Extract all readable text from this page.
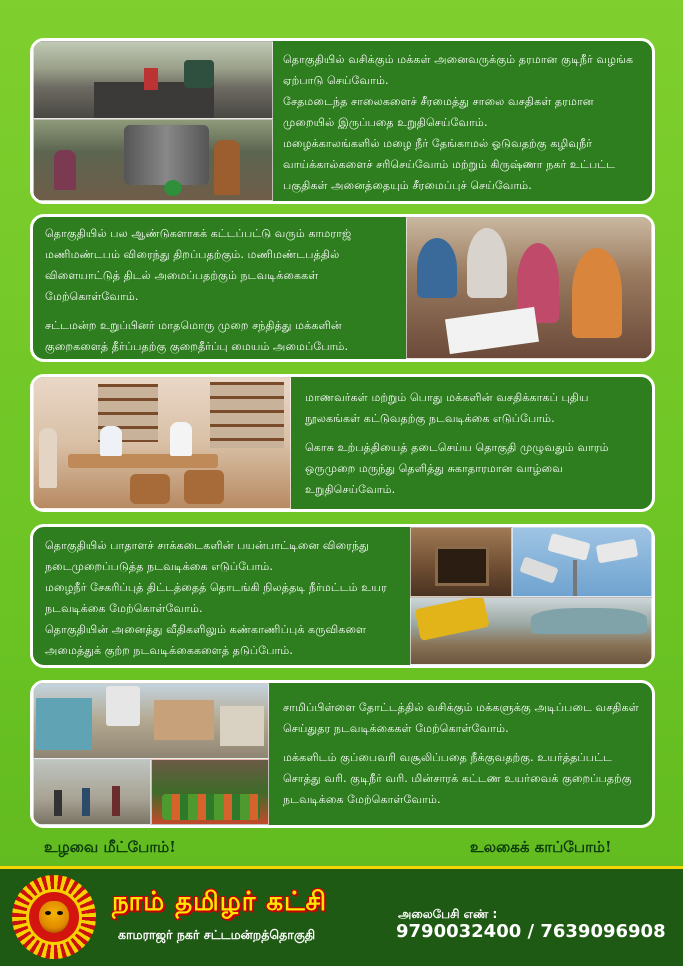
தொகுதியில் வசிக்கும் மக்கள் அனைவருக்கும் தரமான குடிநீர் வழங்க ஏற்பாடு செய்வோம்.

சேதமடைந்த சாலைகளைச் சீரமைத்து சாலை வசதிகள் தரமான முறையில் இருப்பதை உறுதிசெய்வோம்.

மழைக்காலங்களில் மழை நீர் தேங்காமல் ஓடுவதற்கு கழிவுநீர் வாய்க்கால்களைச் சரிசெய்வோம் மற்றும் கிருஷ்ணா நகர் உட்பட்ட பகுதிகள் அனைத்தையும் சீரமைப்புச் செய்வோம்.

தொகுதியில் பல ஆண்டுகளாகக் கட்டப்பட்டு வரும் காமராஜ் மணிமண்டபம் விரைந்து திறப்பதற்கும். மணிமண்டபத்தில் விளையாட்டுத் திடல் அமைப்பதற்கும் நடவடிக்கைகள் மேற்கொள்வோம்.

சட்டமன்ற உறுப்பினர் மாதமொரு முறை சந்தித்து மக்களின் குறைகளைத் தீர்ப்பதற்கு குறைதீர்ப்பு மையம் அமைப்போம்.

மாணவர்கள் மற்றும் பொது மக்களின் வசதிக்காகப் புதிய நூலகங்கள் கட்டுவதற்கு நடவடிக்கை எடுப்போம்.

கொசு உற்பத்தியைத் தடைசெய்ய தொகுதி முழுவதும் வாரம் ஒருமுறை மருந்து தெளித்து சுகாதாரமான வாழ்வை உறுதிசெய்வோம்.

தொகுதியில் பாதாளச் சாக்கடைகளின் பயன்பாட்டினை விரைந்து நடைமுறைப்படுத்த நடவடிக்கை எடுப்போம்.

மழைநீர் சேகரிப்புத் திட்டத்தைத் தொடங்கி நிலத்தடி நீர்மட்டம் உயர நடவடிக்கை மேற்கொள்வோம்.

தொகுதியின் அனைத்து வீதிகளிலும் கண்காணிப்புக் கருவிகளை அமைத்துக் குற்ற நடவடிக்கைகளைத் தடுப்போம்.

சாமிப்பிள்ளை தோட்டத்தில் வசிக்கும் மக்களுக்கு அடிப்படை வசதிகள் செய்துதர நடவடிக்கைகள் மேற்கொள்வோம்.

மக்களிடம் குப்பைவரி வசூலிப்பதை நீக்குவதற்கு. உயர்த்தப்பட்ட சொத்து வரி. குடிநீர் வரி. மின்சாரக் கட்டண உயர்வைக் குறைப்பதற்கு நடவடிக்கை மேற்கொள்வோம்.

உழவை மீட்போம்!	உலகைக் காப்போம்!
நாம் தமிழர் கட்சி
காமராஜர் நகர் சட்டமன்றத்தொகுதி
அலைபேசி எண் :
9790032400 / 7639096908
